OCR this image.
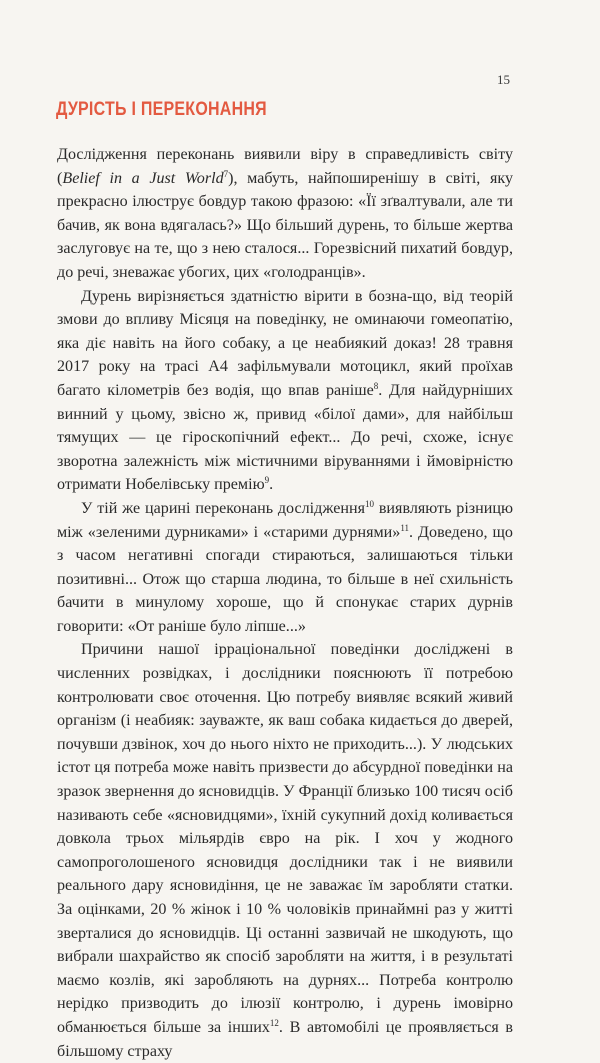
15
ДУРІСТЬ І ПЕРЕКОНАННЯ

Дослідження переконань виявили віру в справедливість світу (Belief in a Just World$^7$), мабуть, найпоширенішу в світі, яку прекрасно ілюструє бовдур такою фразою: «Її зґвалтували, але ти бачив, як вона вдягалась?» Що більший дурень, то більше жертва заслуговує на те, що з нею сталося... Горезвісний пихатий бовдур, до речі, зневажає убогих, цих «голодранців».

Дурень вирізняється здатністю вірити в бозна-що, від теорій змови до впливу Місяця на поведінку, не оминаючи гомеопатію, яка діє навіть на його собаку, а це неабиякий доказ! 28 травня 2017 року на трасі A4 зафільмували мотоцикл, який проїхав багато кілометрів без водія, що впав раніше$^8$. Для найдурніших винний у цьому, звісно ж, привид «білої дами», для найбільш тямущих — це гіроскопічний ефект... До речі, схоже, існує зворотна залежність між містичними віруваннями і ймовірністю отримати Нобелівську премію$^9$.

У тій же царині переконань дослідження$^{10}$ виявляють різницю між «зеленими дурниками» і «старими дурнями»$^{11}$. Доведено, що з часом негативні спогади стираються, залишаються тільки позитивні... Отож що старша людина, то більше в неї схильність бачити в минулому хороше, що й спонукає старих дурнів говорити: «От раніше було ліпше...»

Причини нашої ірраціональної поведінки досліджені в численних розвідках, і дослідники пояснюють її потребою контролювати своє оточення. Цю потребу виявляє всякий живий організм (і неабияк: зауважте, як ваш собака кидається до дверей, почувши дзвінок, хоч до нього ніхто не приходить...). У людських істот ця потреба може навіть призвести до абсурдної поведінки на зразок звернення до ясновидців. У Франції близько 100 тисяч осіб називають себе «ясновидцями», їхній сукупний дохід коливається довкола трьох мільярдів євро на рік. І хоч у жодного самопроголошеного ясновидця дослідники так і не виявили реального дару ясновидіння, це не заважає їм заробляти статки. За оцінками, 20 % жінок і 10 % чоловіків принаймні раз у житті зверталися до ясновидців. Ці останні зазвичай не шкодують, що вибрали шахрайство як спосіб заробляти на життя, і в результаті маємо козлів, які заробляють на дурнях... Потреба контролю нерідко призводить до ілюзії контролю, і дурень імовірно обманюється більше за інших$^{12}$. В автомобілі це проявляється в більшому страху
